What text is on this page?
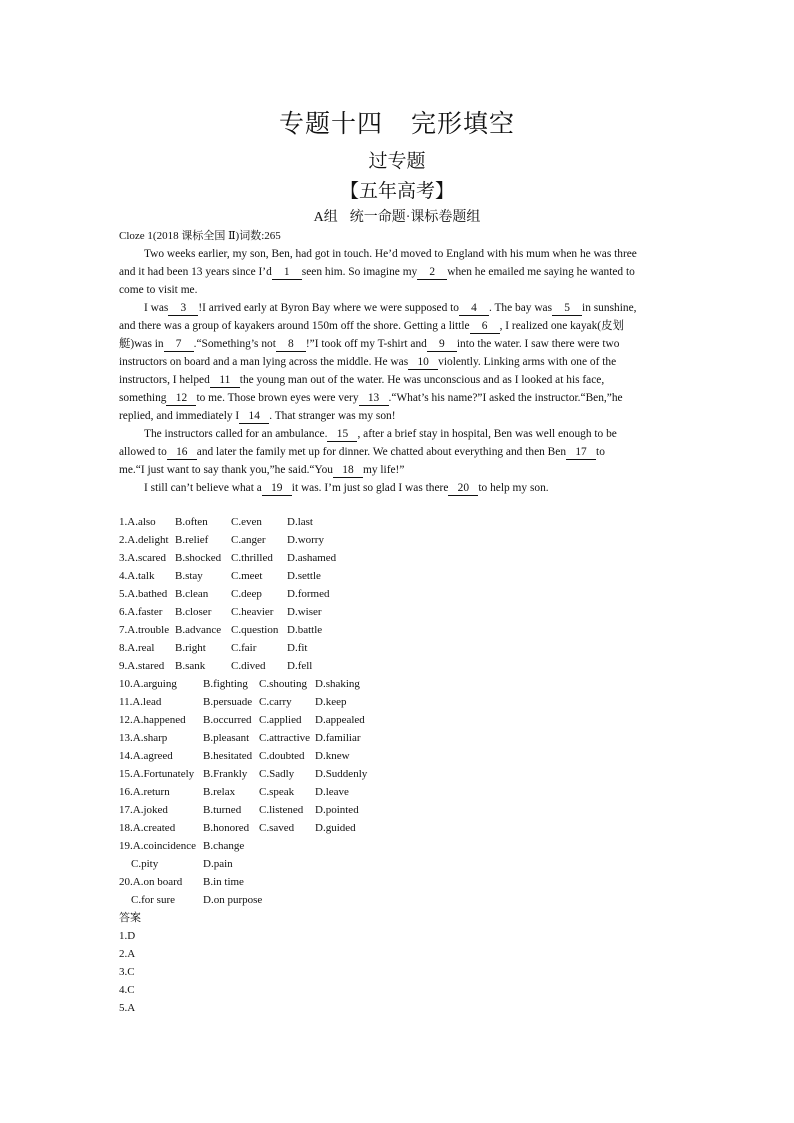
专题十四 完形填空
过专题
【五年高考】
A组 统一命题·课标卷题组
Cloze 1(2018 课标全国 Ⅱ)词数:265
Two weeks earlier, my son, Ben, had got in touch. He’d moved to England with his mum when he was three
and it had been 13 years since I’d 1 seen him. So imagine my 2 when he emailed me saying he wanted to
come to visit me.
I was 3 !I arrived early at Byron Bay where we were supposed to 4 . The bay was 5 in sunshine,
and there was a group of kayakers around 150m off the shore. Getting a little 6 , I realized one kayak(皮划
艇)was in 7 .“Something’s not 8 !”I took off my T-shirt and 9 into the water. I saw there were two
instructors on board and a man lying across the middle. He was 10 violently. Linking arms with one of the
instructors, I helped 11 the young man out of the water. He was unconscious and as I looked at his face,
something 12 to me. Those brown eyes were very 13 .“What’s his name?”I asked the instructor.“Ben,”he
replied, and immediately I 14 . That stranger was my son!
The instructors called for an ambulance. 15 , after a brief stay in hospital, Ben was well enough to be
allowed to 16 and later the family met up for dinner. We chatted about everything and then Ben 17 to
me.“I just want to say thank you,”he said.“You 18 my life!”
I still can’t believe what a 19 it was. I’m just so glad I was there 20 to help my son.
1.A.also B.often C.even D.last
2.A.delight B.relief C.anger D.worry
3.A.scared B.shocked C.thrilled D.ashamed
4.A.talk B.stay	C.meet D.settle
5.A.bathed B.clean C.deep D.formed
6.A.faster B.closer C.heavier D.wiser
7.A.trouble B.advance C.question D.battle
8.A.real B.right C.fair	D.fit
9.A.stared B.sank C.dived D.fell
10.A.arguing B.fighting C.shouting D.shaking
11.A.lead	B.persuade C.carry D.keep
12.A.happened B.occurred C.applied D.appealed
13.A.sharp	B.pleasant C.attractive D.familiar
14.A.agreed	B.hesitated C.doubted D.knew
15.A.Fortunately B.Frankly C.Sadly D.Suddenly
16.A.return	B.relax C.speak D.leave
17.A.joked	B.turned C.listened D.pointed
18.A.created	B.honored C.saved D.guided
19.A.coincidence B.change
C.pity	D.pain
20.A.on board B.in time
C.for sure	D.on purpose
答案
1.D
2.A
3.C
4.C
5.A
